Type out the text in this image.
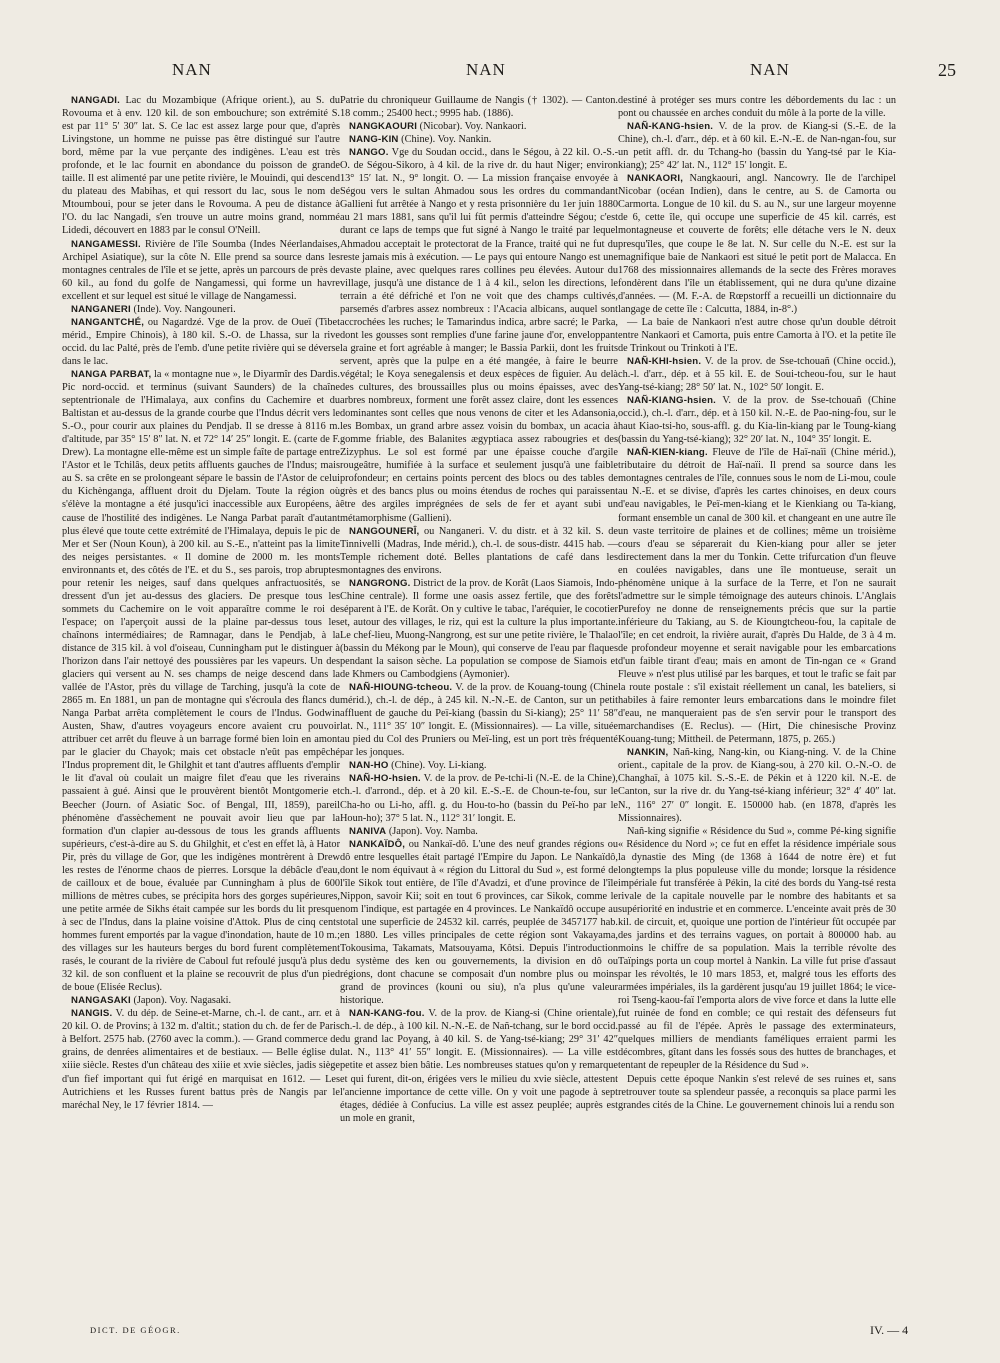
NAN	NAN	NAN	25

NANGADI. Lac du Mozambique (Afrique orient.), au S. du Rovouma et à env. 120 kil. de son embouchure; son extrémité S. est par 11° 5′ 30″ lat. S. Ce lac est assez large pour que, d'après Livingstone, un homme ne puisse pas être distingué sur l'autre bord, même par la vue perçante des indigènes. L'eau est très profonde, et le lac fournit en abondance du poisson de grande taille. Il est alimenté par une petite rivière, le Mouindi, qui descend du plateau des Mabihas, et qui ressort du lac, sous le nom de Mtoumboui, pour se jeter dans le Rovouma. A peu de distance à l'O. du lac Nangadi, s'en trouve un autre moins grand, nommé Lidedi, découvert en 1883 par le consul O'Neill.

NANGAMESSI. Rivière de l'île Soumba (Indes Néerlandaises, Archipel Asiatique), sur la côte N. Elle prend sa source dans les montagnes centrales de l'île et se jette, après un parcours de près de 60 kil., au fond du golfe de Nangamessi, qui forme un havre excellent et sur lequel est situé le village de Nangamessi.

NANGANERI (Inde). Voy. Nangouneri.

NANGANTCHÉ, ou Nagardzé. Vge de la prov. de Oueï (Tibet mérid., Empire Chinois), à 180 kil. S.-O. de Lhassa, sur la rive occid. du lac Palté, près de l'emb. d'une petite rivière qui se déverse dans le lac.

NANGA PARBAT, la « montagne nue », le Diyarmîr des Dardis. Pic nord-occid. et terminus (suivant Saunders) de la chaîne septentrionale de l'Himalaya, aux confins du Cachemire et du Baltistan et au-dessus de la grande courbe que l'Indus décrit vers le S.-O., pour courir aux plaines du Pendjab. Il se dresse à 8116 m. d'altitude, par 35° 15′ 8″ lat. N. et 72° 14′ 25″ longit. E. (carte de F. Drew). La montagne elle-même est un simple faîte de partage entre l'Astor et le Tchilâs, deux petits affluents gauches de l'Indus; mais au S. sa crête en se prolongeant sépare le bassin de l'Astor de celui du Kichènganga, affluent droit du Djelam. Toute la région où s'élève la montagne a été jusqu'ici inaccessible aux Européens, à cause de l'hostilité des indigènes. Le Nanga Parbat paraît d'autant plus élevé que toute cette extrémité de l'Himalaya, depuis le pic de Mer et Ser (Noun Koun), à 200 kil. au S.-E., n'atteint pas la limite des neiges persistantes. « Il domine de 2000 m. les monts environnants et, des côtés de l'E. et du S., ses parois, trop abruptes pour retenir les neiges, sauf dans quelques anfractuosités, se dressent d'un jet au-dessus des glaciers. De presque tous les sommets du Cachemire on le voit apparaître comme le roi de l'espace; on l'aperçoit aussi de la plaine par-dessus tous les chaînons intermédiaires; de Ramnagar, dans le Pendjab, à la distance de 315 kil. à vol d'oiseau, Cunningham put le distinguer à l'horizon dans l'air nettoyé des poussières par les vapeurs. Un des glaciers qui versent au N. ses champs de neige descend dans la vallée de l'Astor, près du village de Tarching, jusqu'à la cote de 2865 m. En 1881, un pan de montagne qui s'écroula des flancs du Nanga Parbat arrêta complètement le cours de l'Indus. Godwin Austen, Shaw, d'autres voyageurs encore avaient cru pouvoir attribuer cet arrêt du fleuve à un barrage formé bien loin en amont par le glacier du Chayok; mais cet obstacle n'eût pas empêché l'Indus proprement dit, le Ghilghit et tant d'autres affluents d'emplir le lit d'aval où coulait un maigre filet d'eau que les riverains passaient à gué. Ainsi que le prouvèrent bientôt Montgomerie et Beecher (Journ. of Asiatic Soc. of Bengal, III, 1859), pareil phénomène d'assèchement ne pouvait avoir lieu que par la formation d'un clapier au-dessous de tous les grands affluents supérieurs, c'est-à-dire au S. du Ghilghit, et c'est en effet là, à Hator Pir, près du village de Gor, que les indigènes montrèrent à Drew les restes de l'énorme chaos de pierres. Lorsque la débâcle d'eau, de cailloux et de boue, évaluée par Cunningham à plus de 600 millions de mètres cubes, se précipita hors des gorges supérieures, une petite armée de Sikhs était campée sur les bords du lit presque à sec de l'Indus, dans la plaine voisine d'Attok. Plus de cinq cents hommes furent emportés par la vague d'inondation, haute de 10 m.; des villages sur les hauteurs berges du bord furent complètement rasés, le courant de la rivière de Caboul fut refoulé jusqu'à plus de 32 kil. de son confluent et la plaine se recouvrit de plus d'un pied de boue (Elisée Reclus).

NANGASAKI (Japon). Voy. Nagasaki.

NANGIS. V. du dép. de Seine-et-Marne, ch.-l. de cant., arr. et à 20 kil. O. de Provins; à 132 m. d'altit.; station du ch. de fer de Paris à Belfort. 2575 hab. (2760 avec la comm.). — Grand commerce de grains, de denrées alimentaires et de bestiaux. — Belle église du xiiie siècle. Restes d'un château des xiiie et xvie siècles, jadis siège d'un fief important qui fut érigé en marquisat en 1612. — Les Autrichiens et les Russes furent battus près de Nangis par le maréchal Ney, le 17 février 1814. —

Patrie du chroniqueur Guillaume de Nangis († 1302). — Canton. 18 comm.; 25400 hect.; 9995 hab. (1886).

NANGKAOURI (Nicobar). Voy. Nankaori.

NANG-KIN (Chine). Voy. Nankin.

NANGO. Vge du Soudan occid., dans le Ségou, à 22 kil. O.-S.-O. de Ségou-Sikoro, à 4 kil. de la rive dr. du haut Niger; environ 13° 15′ lat. N., 9° longit. O. — La mission française envoyée à Ségou vers le sultan Ahmadou sous les ordres du commandant Gallieni fut arrêtée à Nango et y resta prisonnière du 1er juin 1880 au 21 mars 1881, sans qu'il lui fût permis d'atteindre Ségou; c'est durant ce laps de temps que fut signé à Nango le traité par lequel Ahmadou acceptait le protectorat de la France, traité qui ne fut du reste jamais mis à exécution. — Le pays qui entoure Nango est une vaste plaine, avec quelques rares collines peu élevées. Autour du village, jusqu'à une distance de 1 à 4 kil., selon les directions, le terrain a été défriché et l'on ne voit que des champs cultivés, parsemés d'arbres assez nombreux : l'Acacia albicans, auquel sont accrochées les ruches; le Tamarindus indica, arbre sacré; le Parka, dont les gousses sont remplies d'une farine jaune d'or, enveloppant la graine et fort agréable à manger; le Bassia Parkii, dont les fruits servent, après que la pulpe en a été mangée, à faire le beurre végétal; le Koya senegalensis et deux espèces de figuier. Au delà des cultures, des broussailles plus ou moins épaisses, avec des arbres nombreux, forment une forêt assez claire, dont les essences dominantes sont celles que nous venons de citer et les Adansonia, les Bombax, un grand arbre assez voisin du bombax, un acacia à gomme friable, des Balanites ægyptiaca assez rabougries et des Zizyphus. Le sol est formé par une épaisse couche d'argile rougeâtre, humifiée à la surface et seulement jusqu'à une faible profondeur; en certains points percent des blocs ou des tables de grès et des bancs plus ou moins étendus de roches qui paraissent être des argiles imprégnées de sels de fer et ayant subi un métamorphisme (Gallieni).

NANGOUNERÎ, ou Nanganeri. V. du distr. et à 32 kil. S. de Tinnivelli (Madras, Inde mérid.), ch.-l. de sous-distr. 4415 hab. — Temple richement doté. Belles plantations de café dans les montagnes des environs.

NANGRONG. District de la prov. de Korât (Laos Siamois, Indo-Chine centrale). Il forme une oasis assez fertile, que des forêts séparent à l'E. de Korât. On y cultive le tabac, l'aréquier, le cocotier et, autour des villages, le riz, qui est la culture la plus importante. Le chef-lieu, Muong-Nangrong, est sur une petite rivière, le Thalao (bassin du Mékong par le Moun), qui conserve de l'eau par flaques pendant la saison sèche. La population se compose de Siamois et de Khmers ou Cambodgiens (Aymonier).

NAÑ-HIOUNG-tcheou. V. de la prov. de Kouang-toung (Chine mérid.), ch.-l. de dép., à 245 kil. N.-N.-E. de Canton, sur un petit affluent de gauche du Peï-kiang (bassin du Si-kiang); 25° 11′ 58″ lat. N., 111° 35′ 10″ longit. E. (Missionnaires). — La ville, située au pied du Col des Pruniers ou Meï-ling, est un port très fréquenté par les jonques.

NAN-HO (Chine). Voy. Li-kiang.

NAÑ-HO-hsien. V. de la prov. de Pe-tchi-li (N.-E. de la Chine), ch.-l. d'arrond., dép. et à 20 kil. E.-S.-E. de Choun-te-fou, sur le Cha-ho ou Li-ho, affl. g. du Hou-to-ho (bassin du Peï-ho par le Houn-ho); 37° 5 lat. N., 112° 31′ longit. E.

NANIVA (Japon). Voy. Namba.

NANKAÏDÔ, ou Nankaï-dô. L'une des neuf grandes régions ou dô entre lesquelles était partagé l'Empire du Japon. Le Nankaïdô, dont le nom équivaut à « région du Littoral du Sud », est formé de l'île Sikok tout entière, de l'île d'Avadzi, et d'une province de l'île Nippon, savoir Kii; soit en tout 6 provinces, car Sikok, comme le nom l'indique, est partagée en 4 provinces. Le Nankaïdô occupe au total une superficie de 24532 kil. carrés, peuplée de 3457177 hab. en 1880. Les villes principales de cette région sont Vakayama, Tokousima, Takamats, Matsouyama, Kôtsi. Depuis l'introduction du système des ken ou gouvernements, la division en dô ou régions, dont chacune se composait d'un nombre plus ou moins grand de provinces (kouni ou siu), n'a plus qu'une valeur historique.

NAN-KANG-fou. V. de la prov. de Kiang-si (Chine orientale), ch.-l. de dép., à 100 kil. N.-N.-E. de Nañ-tchang, sur le bord occid. du grand lac Poyang, à 40 kil. S. de Yang-tsé-kiang; 29° 31′ 42″ lat. N., 113° 41′ 55″ longit. E. (Missionnaires). — La ville est petite et assez bien bâtie. Les nombreuses statues qu'on y remarque et qui furent, dit-on, érigées vers le milieu du xvie siècle, attestent l'ancienne importance de cette ville. On y voit une pagode à sept étages, dédiée à Confucius. La ville est assez peuplée; auprès est un mole en granit,

destiné à protéger ses murs contre les débordements du lac : un pont ou chaussée en arches conduit du môle à la porte de la ville.

NAÑ-KANG-hsien. V. de la prov. de Kiang-si (S.-E. de la Chine), ch.-l. d'arr., dép. et à 60 kil. E.-N.-E. de Nan-ngan-fou, sur un petit affl. dr. du Tchang-ho (bassin du Yang-tsé par le Kia-kiang); 25° 42′ lat. N., 112° 15′ longit. E.

NANKAORI, Nangkaouri, angl. Nancowry. Ile de l'archipel Nicobar (océan Indien), dans le centre, au S. de Camorta ou Carmorta. Longue de 10 kil. du S. au N., sur une largeur moyenne de 6, cette île, qui occupe une superficie de 45 kil. carrés, est montagneuse et couverte de forêts; elle détache vers le N. deux presqu'îles, que coupe le 8e lat. N. Sur celle du N.-E. est sur la magnifique baie de Nankaori est situé le petit port de Malacca. En 1768 des missionnaires allemands de la secte des Frères moraves fondèrent dans l'île un établissement, qui ne dura qu'une dizaine d'années. — (M. F.-A. de Rœpstorff a recueilli un dictionnaire du langage de cette île : Calcutta, 1884, in-8°.)

— La baie de Nankaori n'est autre chose qu'un double détroit entre Nankaori et Camorta, puis entre Camorta à l'O. et la petite île de Trinkout ou Trinkoti à l'E.

NAÑ-KHI-hsien. V. de la prov. de Sse-tchouañ (Chine occid.), ch.-l. d'arr., dép. et à 55 kil. E. de Soui-tcheou-fou, sur le haut Yang-tsé-kiang; 28° 50′ lat. N., 102° 50′ longit. E.

NAÑ-KIANG-hsien. V. de la prov. de Sse-tchouañ (Chine occid.), ch.-l. d'arr., dép. et à 150 kil. N.-E. de Pao-ning-fou, sur le haut Kiao-tsi-ho, sous-affl. g. du Kia-lin-kiang par le Toung-kiang (bassin du Yang-tsé-kiang); 32° 20′ lat. N., 104° 35′ longit. E.

NAÑ-KIEN-kiang. Fleuve de l'île de Haï-naïi (Chine mérid.), tributaire du détroit de Haï-naïi. Il prend sa source dans les montagnes centrales de l'île, connues sous le nom de Li-mou, coule au N.-E. et se divise, d'après les cartes chinoises, en deux cours d'eau navigables, le Peï-men-kiang et le Kienkiang ou Ta-kiang, formant ensemble un canal de 300 kil. et changeant en une autre île un vaste territoire de plaines et de collines; même un troisième cours d'eau se séparerait du Kien-kiang pour aller se jeter directement dans la mer du Tonkin. Cette trifurcation d'un fleuve en coulées navigables, dans une île montueuse, serait un phénomène unique à la surface de la Terre, et l'on ne saurait l'admettre sur le simple témoignage des auteurs chinois. L'Anglais Purefoy ne donne de renseignements précis que sur la partie inférieure du Takiang, au S. de Kioungtcheou-fou, la capitale de l'île; en cet endroit, la rivière aurait, d'après Du Halde, de 3 à 4 m. de profondeur moyenne et serait navigable pour les embarcations d'un faible tirant d'eau; mais en amont de Tin-ngan ce « Grand Fleuve » n'est plus utilisé par les barques, et tout le trafic se fait par la route postale : s'il existait réellement un canal, les bateliers, si habiles à faire remonter leurs embarcations dans le moindre filet d'eau, ne manqueraient pas de s'en servir pour le transport des marchandises (E. Reclus). — (Hirt, Die chinesische Provinz Kouang-tung; Mittheil. de Petermann, 1875, p. 265.)

NANKIN, Nañ-king, Nang-kin, ou Kiang-ning. V. de la Chine orient., capitale de la prov. de Kiang-sou, à 270 kil. O.-N.-O. de Changhaï, à 1075 kil. S.-S.-E. de Pékin et à 1220 kil. N.-E. de Canton, sur la rive dr. du Yang-tsé-kiang inférieur; 32° 4′ 40″ lat. N., 116° 27′ 0″ longit. E. 150000 hab. (en 1878, d'après les Missionnaires).

Nañ-king signifie « Résidence du Sud », comme Pé-king signifie « Résidence du Nord »; ce fut en effet la résidence impériale sous la dynastie des Ming (de 1368 à 1644 de notre ère) et fut longtemps la plus populeuse ville du monde; lorsque la résidence impériale fut transférée à Pékin, la cité des bords du Yang-tsé resta rivale de la capitale nouvelle par le nombre des habitants et sa supériorité en industrie et en commerce. L'enceinte avait près de 30 kil. de circuit, et, quoique une portion de l'intérieur fût occupée par des jardins et des terrains vagues, on portait à 800000 hab. au moins le chiffre de sa population. Mais la terrible révolte des Taïpings porta un coup mortel à Nankin. La ville fut prise d'assaut par les révoltés, le 10 mars 1853, et, malgré tous les efforts des armées impériales, ils la gardèrent jusqu'au 19 juillet 1864; le vice-roi Tseng-kaou-faï l'emporta alors de vive force et dans la lutte elle fut ruinée de fond en comble; ce qui restait des défenseurs fut passé au fil de l'épée. Après le passage des exterminateurs, quelques milliers de mendiants faméliques erraient parmi les décombres, gîtant dans les fossés sous des huttes de branchages, et tentant de repeupler de la Résidence du Sud ».

Depuis cette époque Nankin s'est relevé de ses ruines et, sans retrouver toute sa splendeur passée, a reconquis sa place parmi les grandes cités de la Chine. Le gouvernement chinois lui a rendu son

DICT. DE GÉOGR.	IV. — 4
